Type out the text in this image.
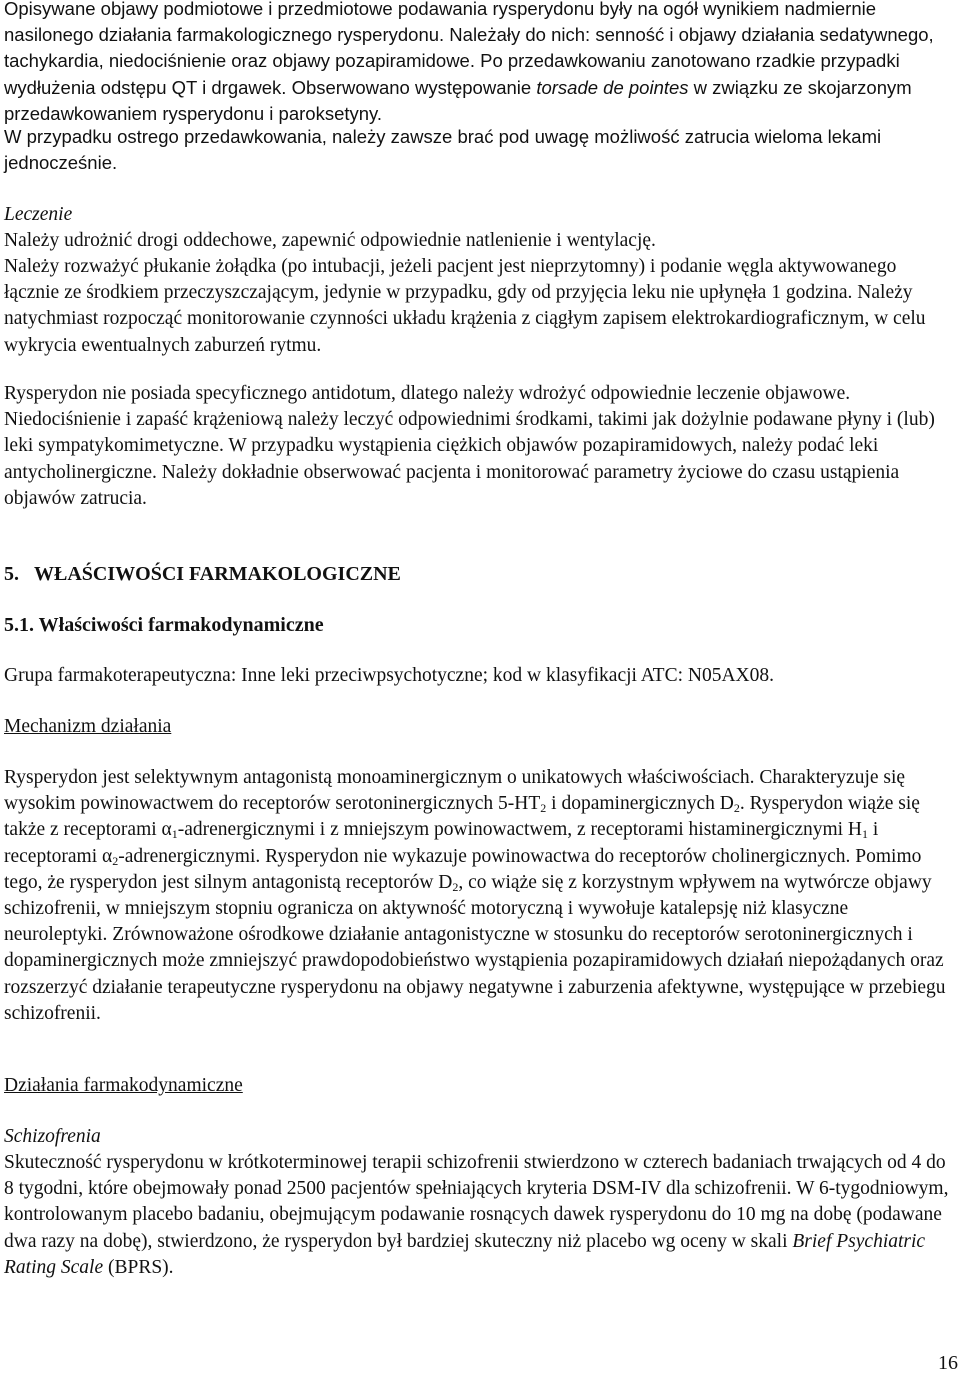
Opisywane objawy podmiotowe i przedmiotowe podawania rysperydonu były na ogół wynikiem nadmiernie nasilonego działania farmakologicznego rysperydonu. Należały do nich: senność i objawy działania sedatywnego, tachykardia, niedociśnienie oraz objawy pozapiramidowe. Po przedawkowaniu zanotowano rzadkie przypadki wydłużenia odstępu QT i drgawek. Obserwowano występowanie torsade de pointes w związku ze skojarzonym przedawkowaniem rysperydonu i paroksetyny.

W przypadku ostrego przedawkowania, należy zawsze brać pod uwagę możliwość zatrucia wieloma lekami jednocześnie.

Leczenie

Należy udrożnić drogi oddechowe, zapewnić odpowiednie natlenienie i wentylację.

Należy rozważyć płukanie żołądka (po intubacji, jeżeli pacjent jest nieprzytomny) i podanie węgla aktywowanego łącznie ze środkiem przeczyszczającym, jedynie w przypadku, gdy od przyjęcia leku nie upłynęła 1 godzina. Należy natychmiast rozpocząć monitorowanie czynności układu krążenia z ciągłym zapisem elektrokardiograficznym, w celu wykrycia ewentualnych zaburzeń rytmu.

Rysperydon nie posiada specyficznego antidotum, dlatego należy wdrożyć odpowiednie leczenie objawowe. Niedociśnienie i zapaść krążeniową należy leczyć odpowiednimi środkami, takimi jak dożylnie podawane płyny i (lub) leki sympatykomimetyczne. W przypadku wystąpienia ciężkich objawów pozapiramidowych, należy podać leki antycholinergiczne. Należy dokładnie obserwować pacjenta i monitorować parametry życiowe do czasu ustąpienia objawów zatrucia.

5.   WŁAŚCIWOŚCI FARMAKOLOGICZNE

5.1. Właściwości farmakodynamiczne

Grupa farmakoterapeutyczna: Inne leki przeciwpsychotyczne; kod w klasyfikacji ATC: N05AX08.

Mechanizm działania

Rysperydon jest selektywnym antagonistą monoaminergicznym o unikatowych właściwościach. Charakteryzuje się wysokim powinowactwem do receptorów serotoninergicznych $5-HT_2$ i dopaminergicznych $D_2$. Rysperydon wiąże się także z receptorami $\alpha_1$-adrenergicznymi i z mniejszym powinowactwem, z receptorami histaminergicznymi $H_1$ i receptorami $\alpha_2$-adrenergicznymi. Rysperydon nie wykazuje powinowactwa do receptorów cholinergicznych. Pomimo tego, że rysperydon jest silnym antagonistą receptorów $D_2$, co wiąże się z korzystnym wpływem na wytwórcze objawy schizofrenii, w mniejszym stopniu ogranicza on aktywność motoryczną i wywołuje katalepsję niż klasyczne neuroleptyki. Zrównoważone ośrodkowe działanie antagonistyczne w stosunku do receptorów serotoninergicznych i dopaminergicznych może zmniejszyć prawdopodobieństwo wystąpienia pozapiramidowych działań niepożądanych oraz rozszerzyć działanie terapeutyczne rysperydonu na objawy negatywne i zaburzenia afektywne, występujące w przebiegu schizofrenii.

Działania farmakodynamiczne

Schizofrenia

Skuteczność rysperydonu w krótkoterminowej terapii schizofrenii stwierdzono w czterech badaniach trwających od 4 do 8 tygodni, które obejmowały ponad 2500 pacjentów spełniających kryteria DSM-IV dla schizofrenii. W 6-tygodniowym, kontrolowanym placebo badaniu, obejmującym podawanie rosnących dawek rysperydonu do 10 mg na dobę (podawane dwa razy na dobę), stwierdzono, że rysperydon był bardziej skuteczny niż placebo wg oceny w skali Brief Psychiatric Rating Scale (BPRS).

16
